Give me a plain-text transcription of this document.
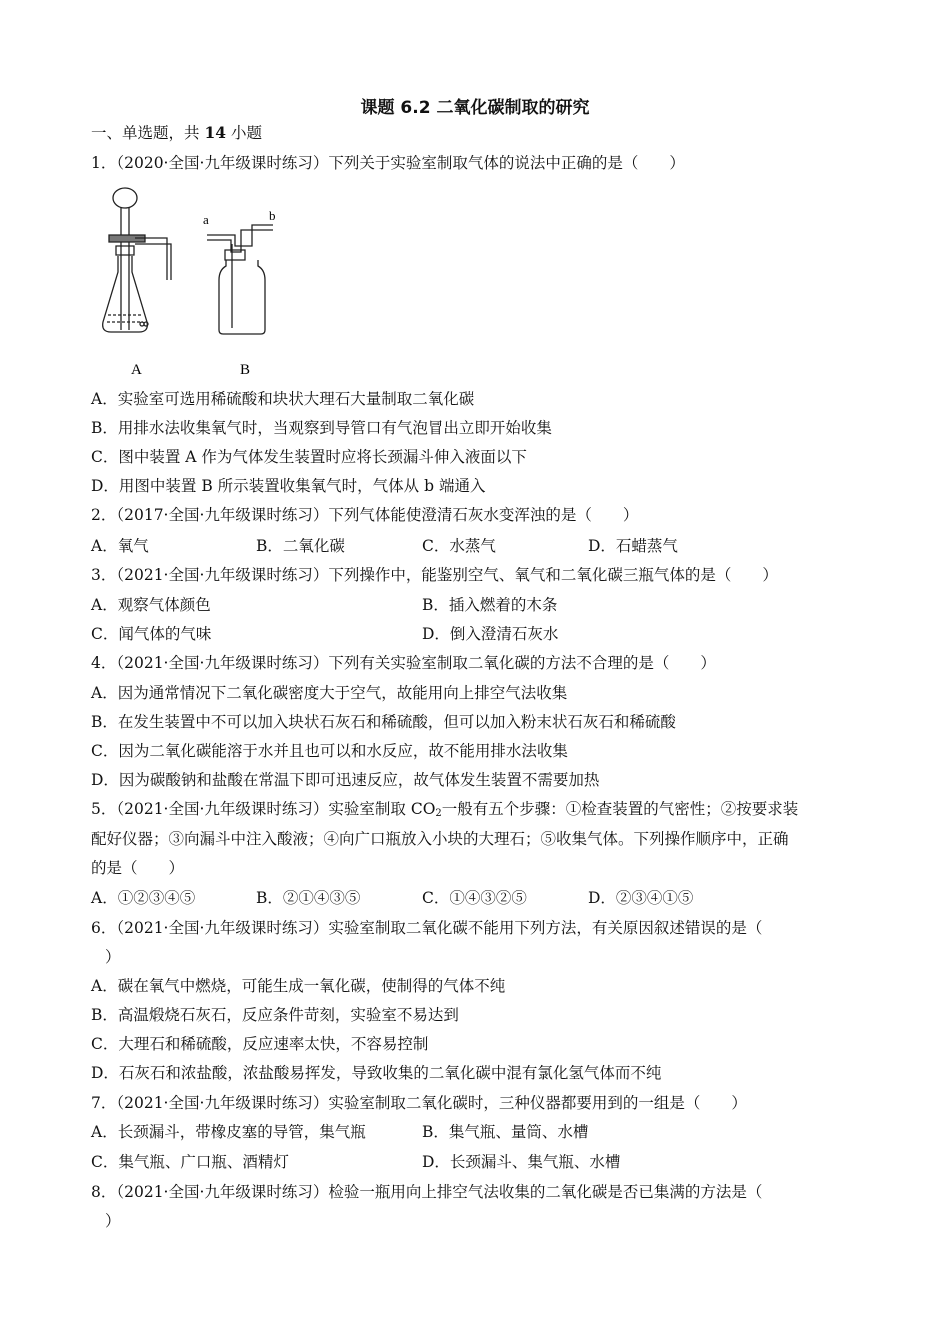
课题 6.2 二氧化碳制取的研究
一、单选题，共 14 小题
1．（2020·全国·九年级课时练习）下列关于实验室制取气体的说法中正确的是（　　）
a	b
A	B
A．实验室可选用稀硫酸和块状大理石大量制取二氧化碳
B．用排水法收集氧气时，当观察到导管口有气泡冒出立即开始收集
C．图中装置 A 作为气体发生装置时应将长颈漏斗伸入液面以下
D．用图中装置 B 所示装置收集氧气时，气体从 b 端通入
2．（2017·全国·九年级课时练习）下列气体能使澄清石灰水变浑浊的是（　　）
A．氧气	B．二氧化碳	C．水蒸气	D．石蜡蒸气
3．（2021·全国·九年级课时练习）下列操作中，能鉴别空气、氧气和二氧化碳三瓶气体的是（　　）
A．观察气体颜色	B．插入燃着的木条
C．闻气体的气味	D．倒入澄清石灰水
4．（2021·全国·九年级课时练习）下列有关实验室制取二氧化碳的方法不合理的是（　　）
A．因为通常情况下二氧化碳密度大于空气，故能用向上排空气法收集
B．在发生装置中不可以加入块状石灰石和稀硫酸，但可以加入粉末状石灰石和稀硫酸
C．因为二氧化碳能溶于水并且也可以和水反应，故不能用排水法收集
D．因为碳酸钠和盐酸在常温下即可迅速反应，故气体发生装置不需要加热
5．（2021·全国·九年级课时练习）实验室制取 $CO_2$一般有五个步骤：①检查装置的气密性；②按要求装
配好仪器；③向漏斗中注入酸液；④向广口瓶放入小块的大理石；⑤收集气体。下列操作顺序中，正确
的是（　　）
A．①②③④⑤	B．②①④③⑤	C．①④③②⑤	D．②③④①⑤
6．（2021·全国·九年级课时练习）实验室制取二氧化碳不能用下列方法，有关原因叙述错误的是（
）
A．碳在氧气中燃烧，可能生成一氧化碳，使制得的气体不纯
B．高温煅烧石灰石，反应条件苛刻，实验室不易达到
C．大理石和稀硫酸，反应速率太快，不容易控制
D．石灰石和浓盐酸，浓盐酸易挥发，导致收集的二氧化碳中混有氯化氢气体而不纯
7．（2021·全国·九年级课时练习）实验室制取二氧化碳时，三种仪器都要用到的一组是（　　）
A．长颈漏斗，带橡皮塞的导管，集气瓶	B．集气瓶、量筒、水槽
C．集气瓶、广口瓶、酒精灯	D．长颈漏斗、集气瓶、水槽
8．（2021·全国·九年级课时练习）检验一瓶用向上排空气法收集的二氧化碳是否已集满的方法是（
）
